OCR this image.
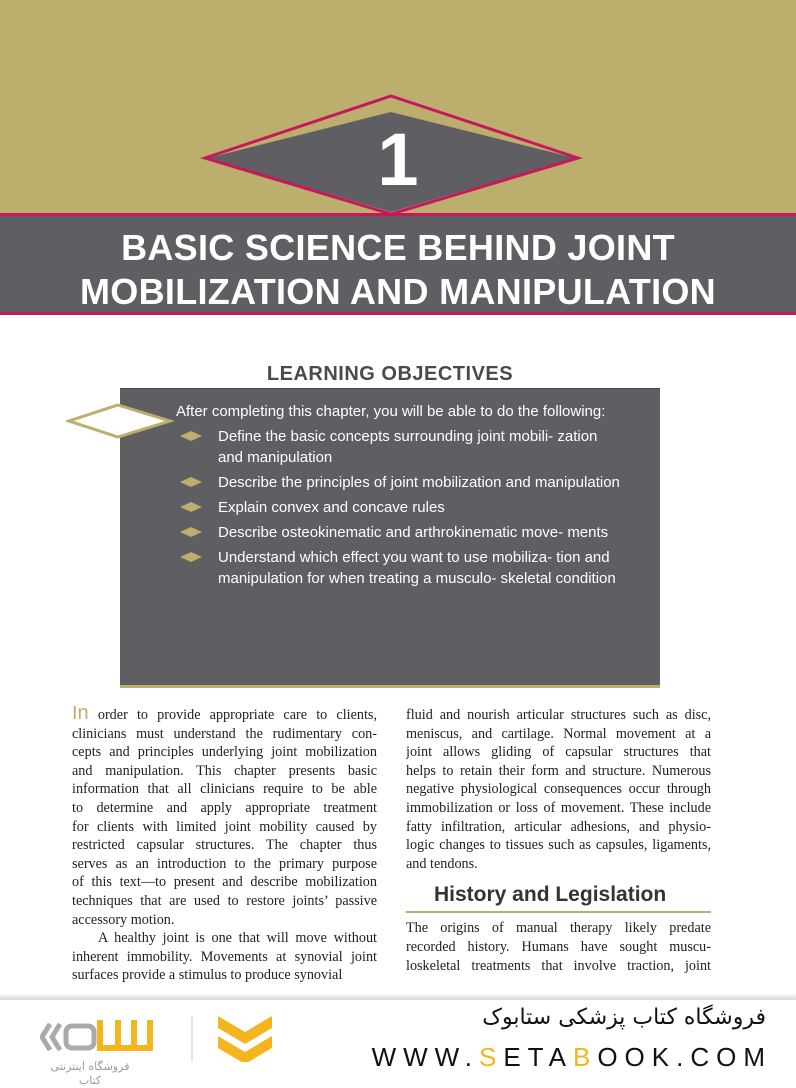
1
BASIC SCIENCE BEHIND JOINT
MOBILIZATION AND MANIPULATION
LEARNING OBJECTIVES
After completing this chapter, you will be able to do the following:
Define the basic concepts surrounding joint mobili- zation and manipulation
Describe the principles of joint mobilization and manipulation
Explain convex and concave rules
Describe osteokinematic and arthrokinematic move- ments
Understand which effect you want to use mobiliza- tion and manipulation for when treating a musculo- skeletal condition
In order to provide appropriate care to clients,
clinicians must understand the rudimentary con-
cepts and principles underlying joint mobilization
and manipulation. This chapter presents basic
information that all clinicians require to be able
to determine and apply appropriate treatment
for clients with limited joint mobility caused by
restricted capsular structures. The chapter thus
serves as an introduction to the primary purpose
of this text—to present and describe mobilization
techniques that are used to restore joints’ passive
accessory motion.
A healthy joint is one that will move without
inherent immobility. Movements at synovial joint
surfaces provide a stimulus to produce synovial
fluid and nourish articular structures such as disc,
meniscus, and cartilage. Normal movement at a
joint allows gliding of capsular structures that
helps to retain their form and structure. Numerous
negative physiological consequences occur through
immobilization or loss of movement. These include
fatty infiltration, articular adhesions, and physio-
logic changes to tissues such as capsules, ligaments,
and tendons.
History and Legislation
The origins of manual therapy likely predate
recorded history. Humans have sought muscu-
loskeletal treatments that involve traction, joint
فروشگاه اینترنتی کتاب
فروشگاه کتاب پزشکی ستابوک
WWW.SETABOOK.COM
